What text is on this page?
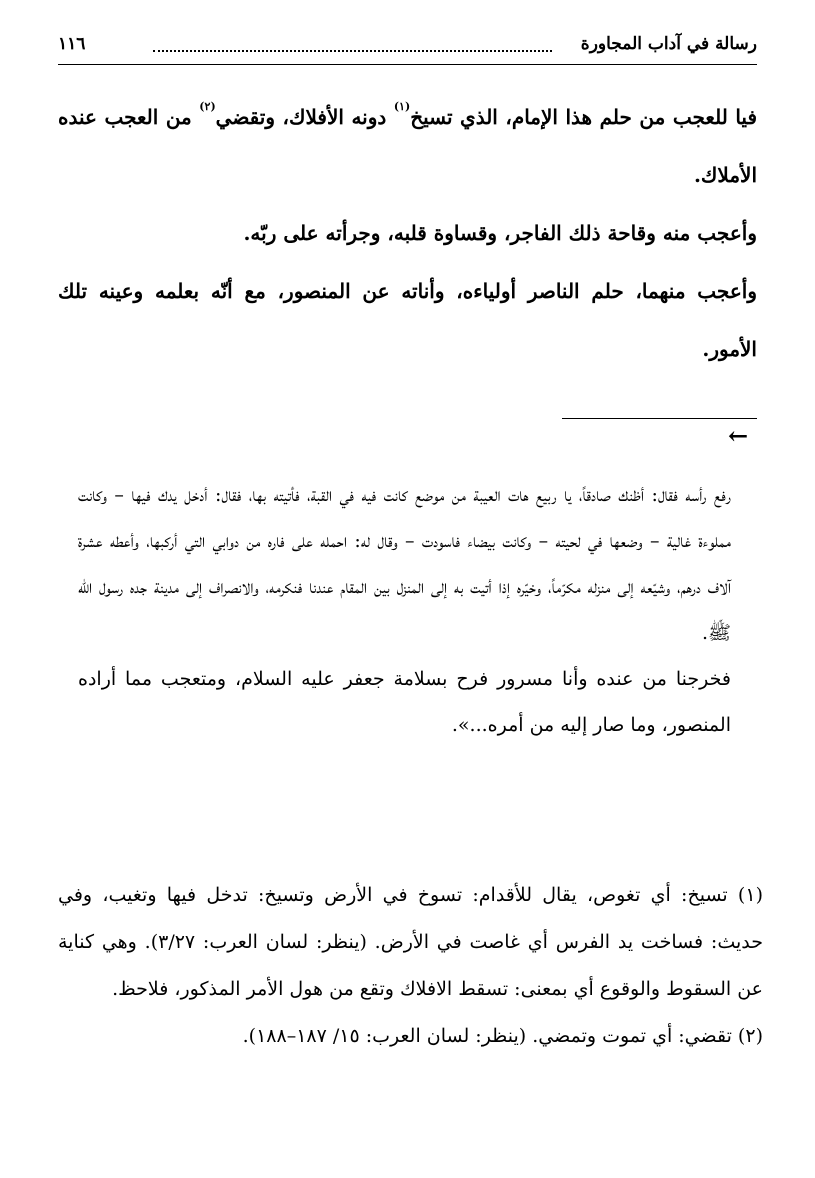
رسالة في آداب المجاورة
١١٦

فيا للعجب من حلم هذا الإمام، الذي تسيخ$^{(١)}$ دونه الأفلاك، وتقضي$^{(٢)}$ من العجب عنده الأملاك.

وأعجب منه وقاحة ذلك الفاجر، وقساوة قلبه، وجرأته على ربّه.

وأعجب منهما، حلم الناصر أولياءه، وأناته عن المنصور، مع أنّه بعلمه وعينه تلك الأمور.

←

رفع رأسه فقال: أظنك صادقاً، يا ربيع هات العيبة من موضع كانت فيه في القبة، فأتيته بها، فقال: أدخل يدك فيها – وكانت مملوءة غالية – وضعها في لحيته – وكانت بيضاء فاسودت – وقال له: احمله على فاره من دوابي التي أركبها، وأعطه عشرة آلاف درهم، وشيّعه إلى منزله مكرّماً، وخيّره إذا أتيت به إلى المنزل بين المقام عندنا فنكرمه، والانصراف إلى مدينة جده رسول الله ﷺ.

فخرجنا من عنده وأنا مسرور فرح بسلامة جعفر عليه السلام، ومتعجب مما أراده المنصور، وما صار إليه من أمره...».

(١) تسيخ: أي تغوص، يقال للأقدام: تسوخ في الأرض وتسيخ: تدخل فيها وتغيب، وفي حديث: فساخت يد الفرس أي غاصت في الأرض. (ينظر: لسان العرب: ٣/٢٧). وهي كناية عن السقوط والوقوع أي بمعنى: تسقط الافلاك وتقع من هول الأمر المذكور، فلاحظ.

(٢) تقضي: أي تموت وتمضي. (ينظر: لسان العرب: ١٥/ ١٨٧–١٨٨).
